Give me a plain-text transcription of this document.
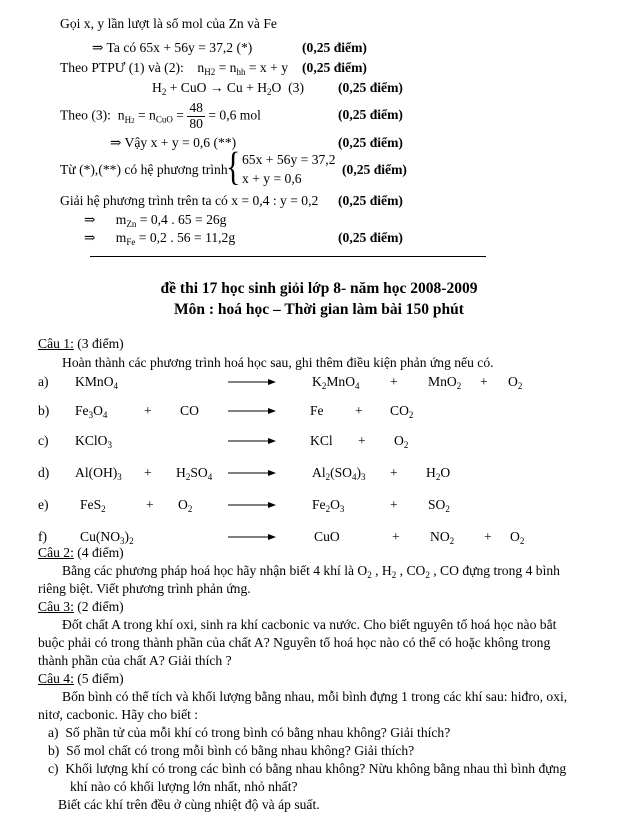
Gọi x, y lần lượt là số mol của Zn và Fe
⇒ Ta có 65x + 56y = 37,2 (*)	(0,25 điểm)
Theo PTPƯ (1) và (2): $n_{H2} = n_{hh} = x + y$ (0,25 điểm)
$H_2$ + CuO → $Cu + H_2O$ (3)	(0,25 điểm)
Theo (3): $n_{H2} = n_{CuO} = \frac{48}{80} = 0,6$ mol	(0,25 điểm)
⇒ Vậy x + y = 0,6 (**)	(0,25 điểm)
Từ (*),(**) có hệ phương trình
{ 65x + 56y = 37,2
x + y = 0,6
(0,25 điểm)
Giải hệ phương trình trên ta có x = 0,4 : y = 0,2 (0,25 điểm)
⇒ $m_{Zn} = 0,4$ . 65 = 26g
⇒ $m_{Fe} = 0,2$ . 56 = 11,2g	(0,25 điểm)
đề thi 17 học sinh giỏi lớp 8- năm học 2008-2009
Môn : hoá học – Thời gian làm bài 150 phút
Câu 1: (3 điểm)
Hoàn thành các phương trình hoá học sau, ghi thêm điều kiện phản ứng nếu có.
a) KMnO$_4$	$K_2MnO_4 + MnO_2 + O_2$
b) $Fe_3O_4$	+ CO	$Fe + CO_2$
c) KClO$_3$	KCl + $O_2$
d) $Al(OH)_3 + H_2SO_4$ →	$Al_2(SO_4)_3 + H_2O$
e) FeS$_2$	+ $O_2$	$Fe_2O_3$	+ $SO_2$
f) $Cu(NO_3)_2$	CuO	+ $NO_2 + O_2$
Câu 2: (4 điểm)
Bằng các phương pháp hoá học hãy nhận biết 4 khí là $O_2$ , $H_2$ , $CO_2$ , CO đựng trong 4 bình
riêng biệt. Viết phương trình phản ứng.
Câu 3: (2 điểm)
Đốt chất A trong khí oxi, sinh ra khí cacbonic va nước. Cho biết nguyên tố hoá học nào bắt
buộc phải có trong thành phần của chất A? Nguyên tố hoá học nào có thể có hoặc không trong
thành phần của chất A? Giải thích ?
Câu 4: (5 điểm)
Bốn bình có thể tích và khối lượng bằng nhau, mỗi bình đựng 1 trong các khí sau: hiđro, oxi,
nitơ, cacbonic. Hãy cho biết :
a) Số phần tử của mỗi khí có trong bình có bằng nhau không? Giải thích?
b) Số mol chất có trong mỗi bình có bằng nhau không? Giải thích?
c) Khối lượng khí có trong các bình có bằng nhau không? Nừu không bằng nhau thì bình đựng
khí nào có khối lượng lớn nhất, nhỏ nhất?
Biết các khí trên đều ở cùng nhiệt độ và áp suất.
